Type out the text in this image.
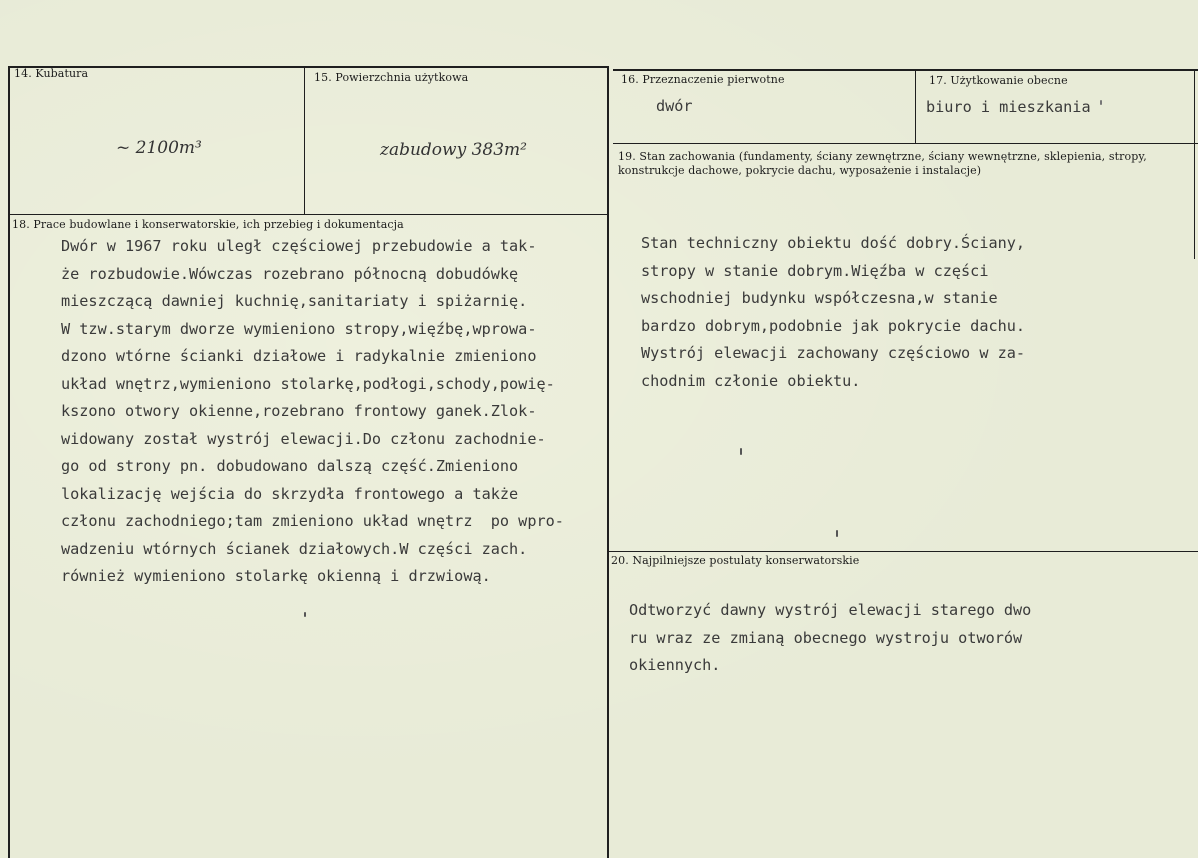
14. Kubatura
~ 2100m³
15. Powierzchnia użytkowa
zabudowy 383m²
16. Przeznaczenie pierwotne
dwór
17. Użytkowanie obecne
biuro i mieszkania
18. Prace budowlane i konserwatorskie, ich przebieg i dokumentacja
Dwór w 1967 roku uległ częściowej przebudowie a tak-
że rozbudowie.Wówczas rozebrano północną dobudówkę
mieszczącą dawniej kuchnię,sanitariaty i spiżarnię.
W tzw.starym dworze wymieniono stropy,więźbę,wprowa-
dzono wtórne ścianki działowe i radykalnie zmieniono
układ wnętrz,wymieniono stolarkę,podłogi,schody,powię-
kszono otwory okienne,rozebrano frontowy ganek.Zlok-
widowany został wystrój elewacji.Do członu zachodnie-
go od strony pn. dobudowano dalszą część.Zmieniono
lokalizację wejścia do skrzydła frontowego a także
członu zachodniego;tam zmieniono układ wnętrz  po wpro-
wadzeniu wtórnych ścianek działowych.W części zach.
również wymieniono stolarkę okienną i drzwiową.
19. Stan zachowania (fundamenty, ściany zewnętrzne, ściany wewnętrzne, sklepienia, stropy, konstrukcje dachowe, pokrycie dachu, wyposażenie i instalacje)
Stan techniczny obiektu dość dobry.Ściany,
stropy w stanie dobrym.Więźba w części
wschodniej budynku współczesna,w stanie
bardzo dobrym,podobnie jak pokrycie dachu.
Wystrój elewacji zachowany częściowo w za-
chodnim członie obiektu.
20. Najpilniejsze postulaty konserwatorskie
Odtworzyć dawny wystrój elewacji starego dwo
ru wraz ze zmianą obecnego wystroju otworów
okiennych.
